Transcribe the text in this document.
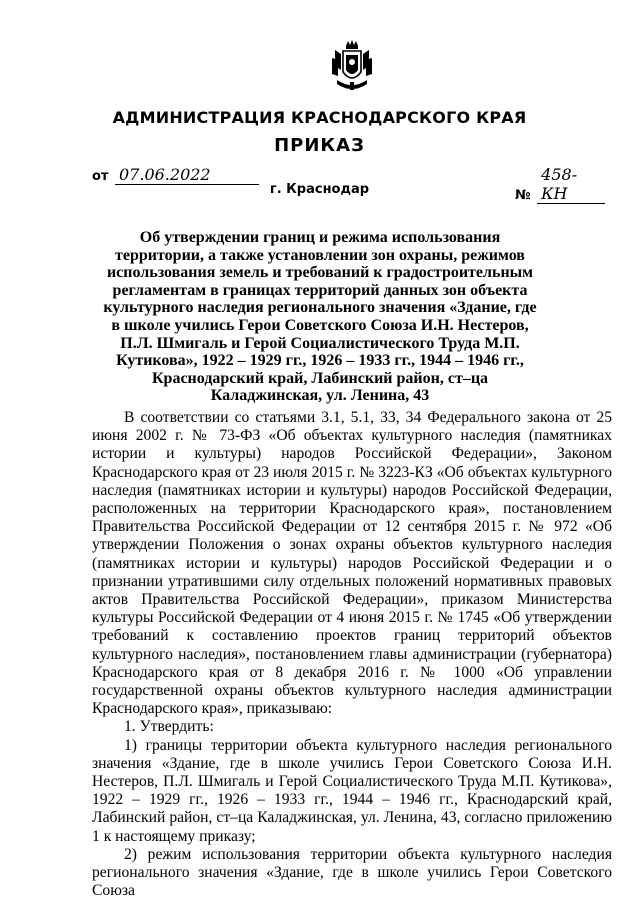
АДМИНИСТРАЦИЯ КРАСНОДАРСКОГО КРАЯ
ПРИКАЗ
от 07.06.2022
№ 458-КН
г. Краснодар
Об утверждении границ и режима использования территории, а также установлении зон охраны, режимов использования земель и требований к градостроительным регламентам в границах территорий данных зон объекта культурного наследия регионального значения «Здание, где в школе учились Герои Советского Союза И.Н. Нестеров, П.Л. Шмигаль и Герой Социалистического Труда М.П. Кутикова», 1922 – 1929 гг., 1926 – 1933 гг., 1944 – 1946 гг., Краснодарский край, Лабинский район, ст–ца Каладжинская, ул. Ленина, 43

В соответствии со статьями 3.1, 5.1, 33, 34 Федерального закона от 25 июня 2002 г. № 73-ФЗ «Об объектах культурного наследия (памятниках истории и культуры) народов Российской Федерации», Законом Краснодарского края от 23 июля 2015 г. № 3223-КЗ «Об объектах культурного наследия (памятниках истории и культуры) народов Российской Федерации, расположенных на территории Краснодарского края», постановлением Правительства Российской Федерации от 12 сентября 2015 г. № 972 «Об утверждении Положения о зонах охраны объектов культурного наследия (памятниках истории и культуры) народов Российской Федерации и о признании утратившими силу отдельных положений нормативных правовых актов Правительства Российской Федерации», приказом Министерства культуры Российской Федерации от 4 июня 2015 г. № 1745 «Об утверждении требований к составлению проектов границ территорий объектов культурного наследия», постановлением главы администрации (губернатора) Краснодарского края от 8 декабря 2016 г. № 1000 «Об управлении государственной охраны объектов культурного наследия администрации Краснодарского края», приказываю:

1. Утвердить:

1) границы территории объекта культурного наследия регионального значения «Здание, где в школе учились Герои Советского Союза И.Н. Нестеров, П.Л. Шмигаль и Герой Социалистического Труда М.П. Кутикова», 1922 – 1929 гг., 1926 – 1933 гг., 1944 – 1946 гг., Краснодарский край, Лабинский район, ст–ца Каладжинская, ул. Ленина, 43, согласно приложению 1 к настоящему приказу;

2) режим использования территории объекта культурного наследия регионального значения «Здание, где в школе учились Герои Советского Союза
